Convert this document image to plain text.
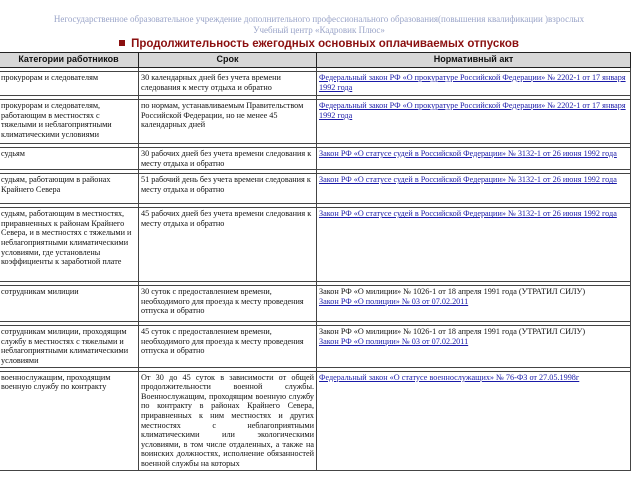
Негосударственное образовательное учреждение дополнительного профессионального образования(повышения квалификации )взрослых
Учебный центр «Кадровик Плюс»
Продолжительность ежегодных основных оплачиваемых отпусков
Категории работников	Срок	Нормативный акт

прокурорам и следователям	30 календарных дней без учета времени следования к месту отдыха и обратно	Федеральный закон РФ «О прокуратуре Российской Федерации» № 2202-1 от 17 января 1992 года

прокурорам и следователям, работающим в местностях с тяжелыми и неблагоприятными климатическими условиями	по нормам, устанавливаемым Правительством Российской Федерации, но не менее 45 календарных дней	Федеральный закон РФ «О прокуратуре Российской Федерации» № 2202-1 от 17 января 1992 года

судьям	30 рабочих дней без учета времени следования к месту отдыха и обратно	Закон РФ «О статусе судей в Российской Федерации» № 3132-1 от 26 июня 1992 года

судьям, работающим в районах Крайнего Севера	51 рабочий день без учета времени следования к месту отдыха и обратно	Закон РФ «О статусе судей в Российской Федерации» № 3132-1 от 26 июня 1992 года

судьям, работающим в местностях, приравненных к районам Крайнего Севера, и в местностях с тяжелыми и неблагоприятными климатическими условиями, где установлены коэффициенты к заработной плате	45 рабочих дней без учета времени следования к месту отдыха и обратно	Закон РФ «О статусе судей в Российской Федерации» № 3132-1 от 26 июня 1992 года

сотрудникам милиции	30 суток с предоставлением времени, необходимого для проезда к месту проведения отпуска и обратно	Закон РФ «О милиции» № 1026-1 от 18 апреля 1991 года (УТРАТИЛ СИЛУ)
Закон РФ «О полиции» № 03 от 07.02.2011

сотрудникам милиции, проходящим службу в местностях с тяжелыми и неблагоприятными климатическими условиями	45 суток с предоставлением времени, необходимого для проезда к месту проведения отпуска и обратно	Закон РФ «О милиции» № 1026-1 от 18 апреля 1991 года (УТРАТИЛ СИЛУ)
Закон РФ «О полиции» № 03 от 07.02.2011

военнослужащим, проходящим военную службу по контракту	От 30 до 45 суток в зависимости от общей продолжительности военной службы. Военнослужащим, проходящим военную службу по контракту в районах Крайнего Севера, приравненных к ним местностях и других местностях с неблагоприятными климатическими или экологическими условиями, в том числе отдаленных, а также на воинских должностях, исполнение обязанностей военной службы на которых	Федеральный закон «О статусе военнослужащих» № 76-ФЗ от 27.05.1998г
